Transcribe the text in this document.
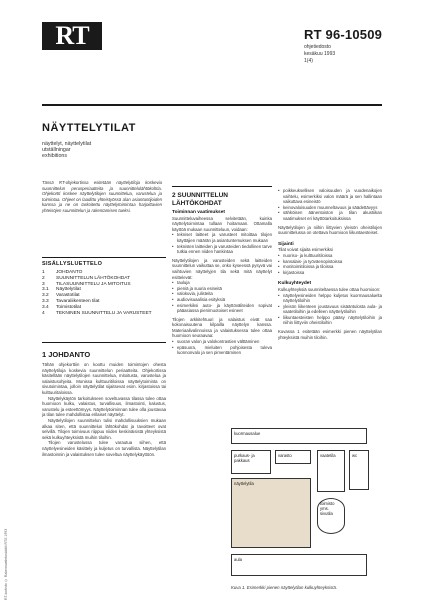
RT ®
RT 96-10509
ohjetiedosto
kesäkuu 1993
1(4)
NÄYTTELYTILAT
näyttelyt, näyttelytilat
utställningar
exhibitions
Tässä RT-ohjekortissa esitetään näyttelytiloja koskevia suunnittelun perusperiaatteita ja suunnittelulähtökohtia. Ohjekortti koskee näyttelytilojen suunnittelua, varustelua ja toimintaa. Ohjeet on laadittu yhteistyössä alan asiantuntijoiden kanssa ja ne on tarkoitettu näyttelytoimintaa harjoittavien yhteisöjen suunnittelun ja rakentamisen tueksi.
SISÄLLYSLUETTELO
1	JOHDANTO
2	SUUNNITTELUN LÄHTÖKOHDAT
3	TILASUUNNITTELU JA MITOITUS
3.1	Näyttelytilat
3.2	Varastotilat
3.3	Tavaraliikenteen tilat
3.4	Toimistotilat
4	TEKNINEN SUUNNITTELU JA VARUSTEET
1 JOHDANTO

Tähän ohjekorttiin on koottu muiden toimintojen ohesta näyttelytiloja koskevia suunnittelun periaatteita. Ohjekortissa käsitellään näyttelytilojen suunnittelua, mitoitusta, varustelua ja valaistusohjeita. Monissa kulttuuritiloissa näyttelytoiminta on sivutoimintaa, jolloin näyttelytilat sijaitsevat esim. kirjastoissa tai kulttuuritaloissa.

Näyttelykäytön tarkoitukseen soveltuvassa tilassa tulee ottaa huomioon kulku, valaistus, turvallisuus, ilmastointi, kalustus, varustelu ja esteettömyys. Näyttelytoiminnan tulee olla joustavaa ja tilan tulee mahdollistaa erilaiset näyttelyt.

Näyttelytilojen suunnittelun tulisi mahdollisuuksien mukaan alkaa siten, että suunnittelun lähtökohdat ja tavoitteet ovat selvillä. Tilojen toimivuus riippuu niiden keskinäisistä yhteyksistä sekä kulkuyhteyksistä muihin tiloihin.

Tilojen varustelussa tulee varautua siihen, että näyttelyesineiden käsittely ja kuljetus on turvallista. Näyttelytilan ilmastoinnin ja valaistuksen tulee soveltua näyttelykäyttöön.

RT-kortisto © Rakennustietosäätiö RTS 1993
2 SUUNNITTELUN LÄHTÖKOHDAT
Toiminnan vaatimukset

Suunnitteluvaiheessa selvitetään, kuinka näyttelytoimintaa tullaan hoitamaan. Ottamalla käyttöä mukaan suunnitteluun, voidaan:

• tekniset laitteet ja varusteet mitoittaa tilojen käyttäjien määrän ja asiantuntemuksen mukaan
• teknisten laitteiden ja varusteiden tiedollinen tarve tutkia ennen niiden hankintaa

Näyttelytilojen ja varusteiden sekä laitteiden suunnittelun vaikuttaa se, onko kyseessä pysyvä vai vaihtuvien näyttelyjen tila sekä mitä näyttelyt esittelevät:

• tauluja
• pieniä ja suuria esineitä
• valokuvia, julisteita
• audiovisuaalisia esityksiä
• esimerkiksi auto- ja käyttöväliteiden sopivat pääasiassa pienimuotoiset esineet

Tilojen arkkitehtuuri ja valaistus eivät saa kokonaisuutena kilpailla näyttelyn kanssa. Materiaalivalinnoissa ja valaistuksessa tulee ottaa huomioon seuraavaa:

• suoran valon ja valokontrastien välttäminen
• epäsuora, mieluiten pohjoisesta tuleva luonnonvalo ja sen pimentäminen
• poikkeuksellisen valoisuuden ja vuodenaikojen vaihtelu, esimerkiksi valon määrä ja sen hallintaan vaikuttava esineistö
• keinovaloisuuden muunneltavuus ja säädettävyys
• sähköisen äänentoiston ja tilan akustiikan vaatimukset eri käyttötarkoituksissa

Näyttelytilojen ja niihin liittyvien yleisön oheistilojen suunnittelussa on otettava huomioon liikuntaesteiset.

Sijainti

Tilat voivat sijaita esimerkiksi

• nuoriso- ja kulttuuritiloissa
• kansalais- ja työväenopistoissa
• monitoimitiloissa ja tiloissa
• kirjastoissa
Kulkuyhteydet

Kulkuyhteyksiä suunniteltaessa tulee ottaa huomioon:

• näyttelyesineiden helppo kuljetus kuormausaluelta näyttelytiloihin
• yleisön liikenteen joustavuus sisääntulosta aula- ja vaatetiloihin ja edelleen näyttelytiloihin
• liikuntaesteisten helppo pääsy näyttelytiloihin ja niihin liittyviin oheistiloihin

Kuvassa 1 esitetään esimerkki pienen näyttelytilan yhteyksistä muihin tiloihin.

kuormausalue
purkaus- ja pakkaus
varasto
näyttelytila
vaatetila
toimisto
yms.
sivutila
wc
aula
Kuva 1. Esimerkki pienen näyttelytilan kulkuyhteyksistä.
